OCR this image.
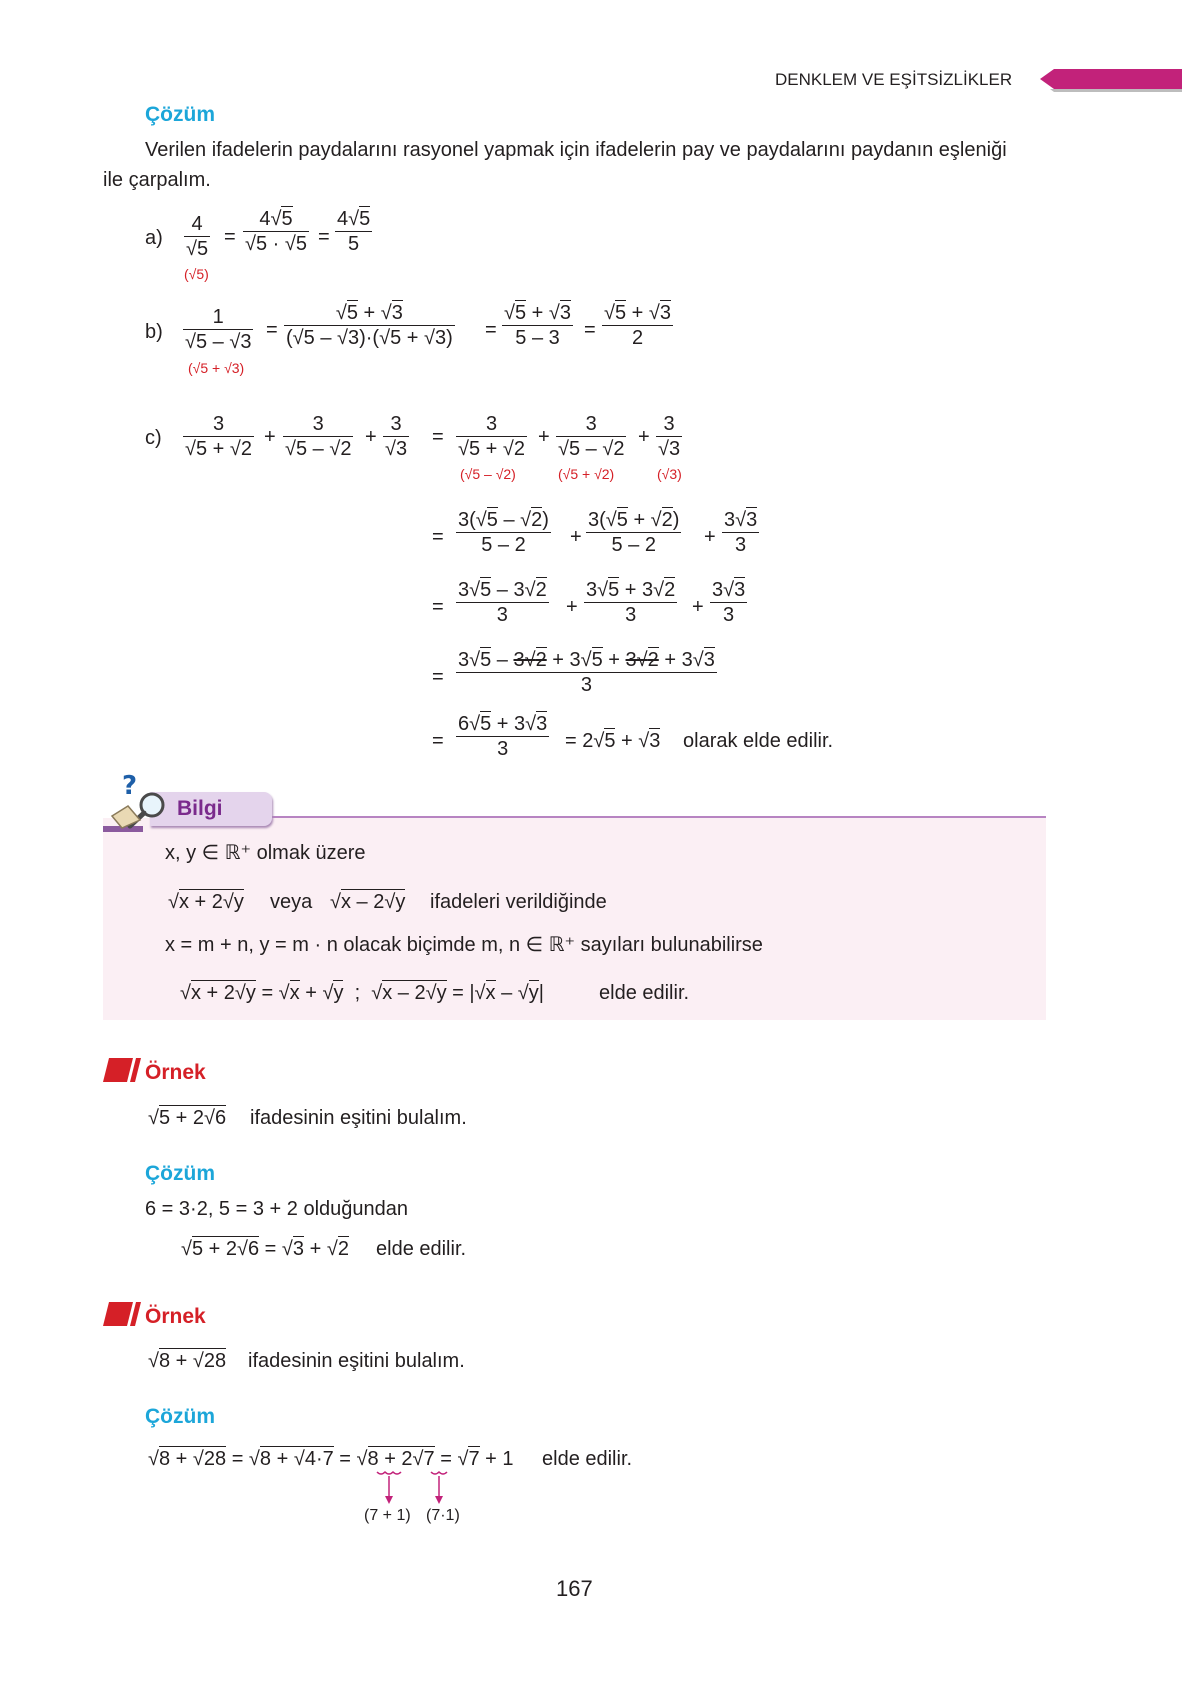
DENKLEM VE EŞİTSİZLİKLER
Çözüm
Verilen ifadelerin paydalarını rasyonel yapmak için ifadelerin pay ve paydalarını paydanın eşleniği
ile çarpalım.
a)
4
√5
=
4√5
√5 · √5 =
4√5
5
(√5)
b)
1
√5 – √3
=
√5 + √3
(√5 – √3)·(√5 + √3) =
√5 + √3
5 – 3 =
√5 + √3
2
(√5 + √3)
c)
3
√5 + √2
+
3
√5 – √2
+
3
√3
=
3
√5 + √2
+
3
√5 – √2
+
3
√3
(√5 – √2)	(√5 + √2)	(√3)
=
3(√5 – √2)
5 – 2 +
3(√5 + √2)
5 – 2 +
3√3
3
=
3√5 – 3√2
3	+
3√5 + 3√2
3	+
3√3
3
=
3√5 – 3√2 + 3√5 + 3√2 + 3√3
3
=
6√5 + 3√3
3	= 2√5 + √3 olarak elde edilir.
?
Bilgi
x, y ∈ ℝ⁺ olmak üzere
√x + 2√y veya √x – 2√y ifadeleri verildiğinde
x = m + n, y = m · n olacak biçimde m, n ∈ ℝ⁺ sayıları bulunabilirse
√x + 2√y = √x + √y  ;  √x – 2√y = |√x – √y|	elde edilir.
Örnek
√5 + 2√6 ifadesinin eşitini bulalım.
Çözüm
6 = 3·2, 5 = 3 + 2 olduğundan
√5 + 2√6 = √3 + √2 elde edilir.
Örnek
√8 + √28 ifadesinin eşitini bulalım.
Çözüm
√8 + √28 = √8 + √4·7 = √8 + 2√7 = √7 + 1 elde edilir.
(7 + 1) (7·1)
167
